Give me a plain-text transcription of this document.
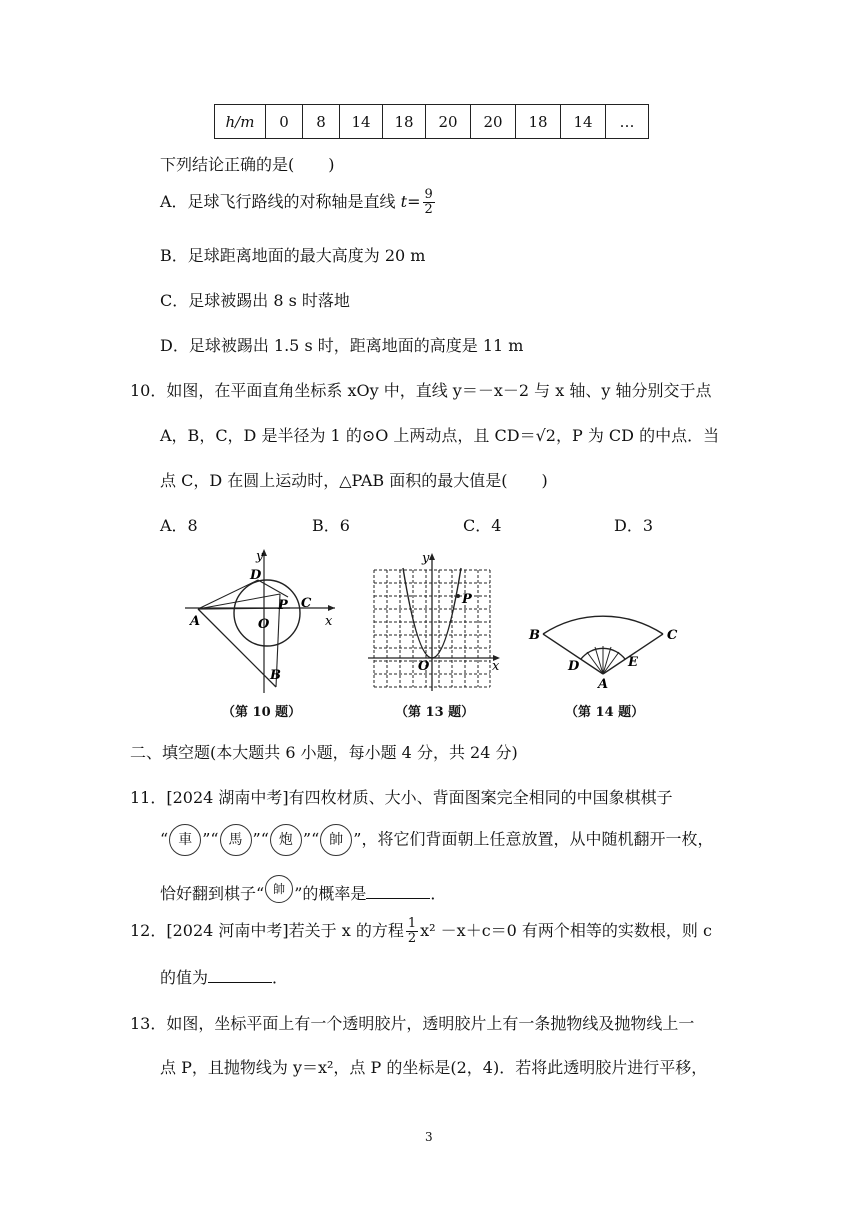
h/m	0	8	14	18	20	20	18	14	…
下列结论正确的是( )
A．足球飞行路线的对称轴是直线 $t= \frac{9}{2}$
B．足球距离地面的最大高度为 20 m
C．足球被踢出 8 s 时落地
D．足球被踢出 1.5 s 时，距离地面的高度是 11 m
10．如图，在平面直角坐标系 xOy 中，直线 y＝－x－2 与 x 轴、y 轴分别交于点
A，B，C，D 是半径为 1 的⊙O 上两动点，且 CD＝√2，P 为 CD 的中点．当
点 C，D 在圆上运动时，△PAB 面积的最大值是( )
A．8	B．6	C．4	D．3
y
x
D
P C
A	O
B
（第 10 题）
y
x
O
P
（第 13 题）
B	C
D	E
A
（第 14 题）
二、填空题(本大题共 6 小题，每小题 4 分，共 24 分)
11．[2024 湖南中考]有四枚材质、大小、背面图案完全相同的中国象棋棋子
“ 車 ”“ 馬 ”“ 炮 ”“ 帥 ”，将它们背面朝上任意放置，从中随机翻开一枚，
恰好翻到棋子“ 帥 ”的概率是	．
12．[2024 河南中考]若关于 x 的方程 $\frac{1}{2} x^2 -x+c=0$ 有两个相等的实数根，则 c
的值为	．
13．如图，坐标平面上有一个透明胶片，透明胶片上有一条抛物线及抛物线上一
点 P，且抛物线为 y＝x²，点 P 的坐标是(2，4)．若将此透明胶片进行平移，
3
